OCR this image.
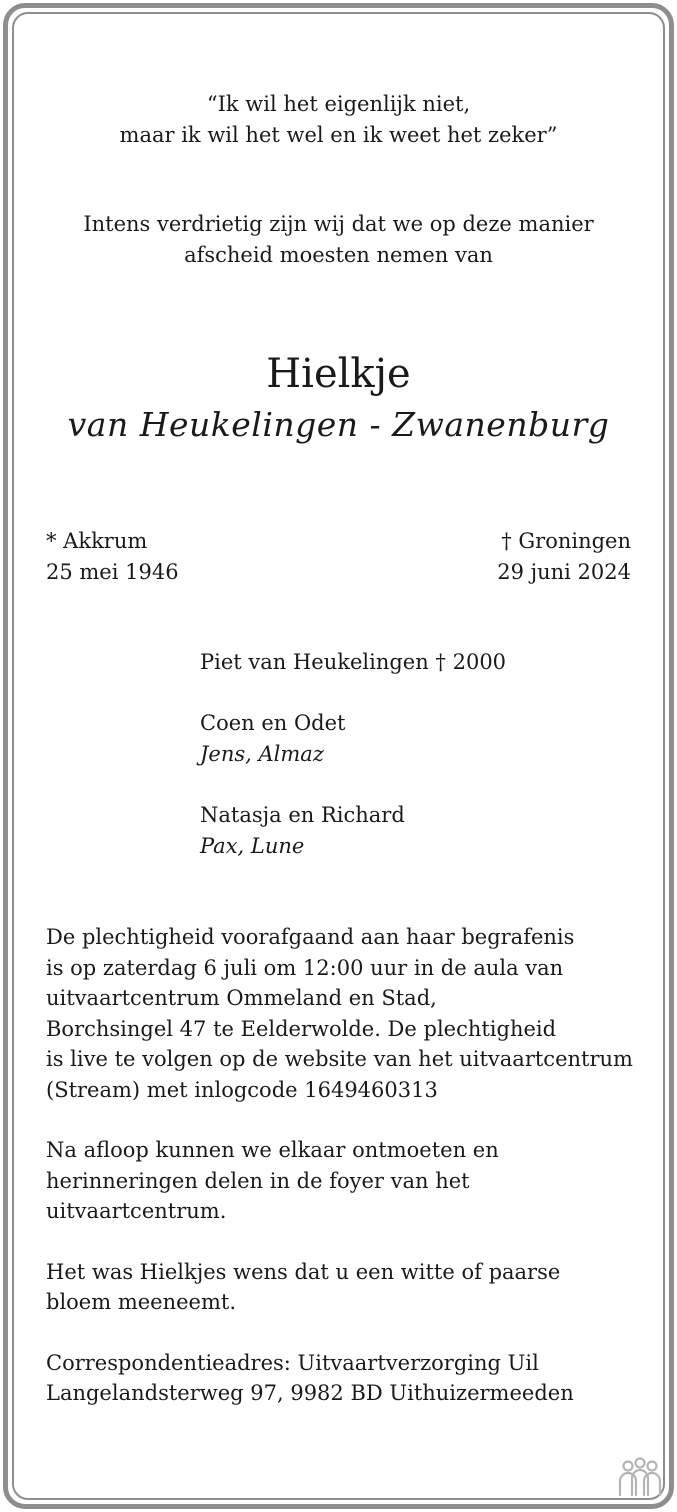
“Ik wil het eigenlijk niet,
maar ik wil het wel en ik weet het zeker”
Intens verdrietig zijn wij dat we op deze manier
afscheid moesten nemen van
Hielkje
van Heukelingen - Zwanenburg
* Akkrum
25 mei 1946
† Groningen
29 juni 2024
Piet van Heukelingen † 2000
Coen en Odet
Jens, Almaz
Natasja en Richard
Pax, Lune
De plechtigheid voorafgaand aan haar begrafenis
is op zaterdag 6 juli om 12:00 uur in de aula van
uitvaartcentrum Ommeland en Stad,
Borchsingel 47 te Eelderwolde. De plechtigheid
is live te volgen op de website van het uitvaartcentrum
(Stream) met inlogcode 1649460313
Na afloop kunnen we elkaar ontmoeten en
herinneringen delen in de foyer van het
uitvaartcentrum.
Het was Hielkjes wens dat u een witte of paarse
bloem meeneemt.
Correspondentieadres: Uitvaartverzorging Uil
Langelandsterweg 97, 9982 BD Uithuizermeeden
